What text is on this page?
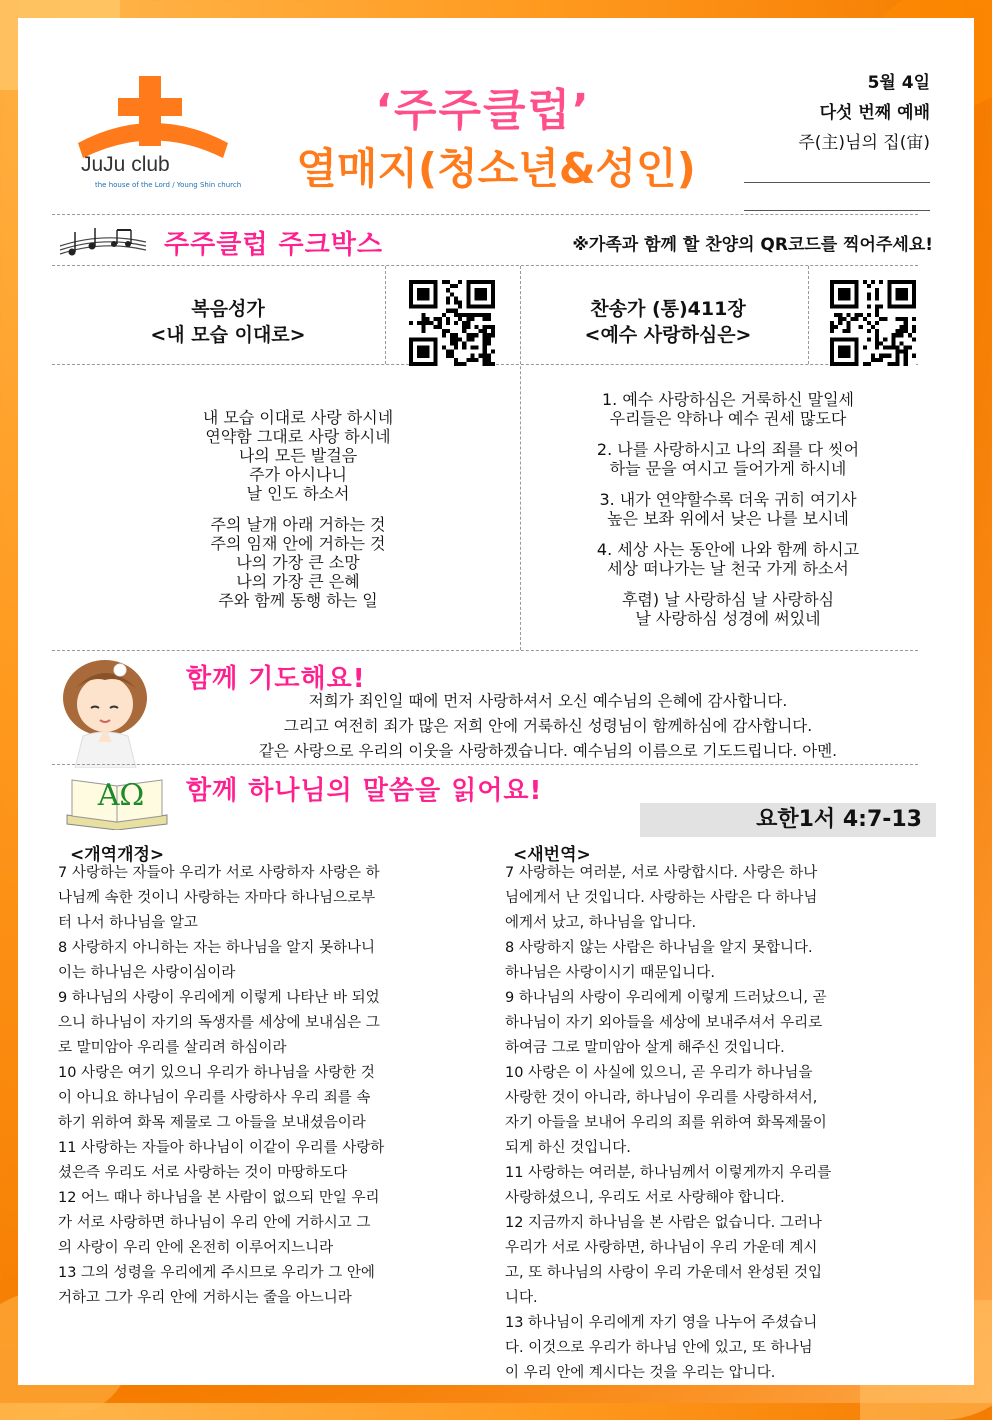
JuJu club
the house of the Lord / Young Shin church
‘주주클럽’
열매지(청소년&성인)
5월 4일
다섯 번째 예배
주(主)님의 집(宙)
주주클럽 주크박스	※가족과 함께 할 찬양의 QR코드를 찍어주세요!
복음성가
<내 모습 이대로>
찬송가 (통)411장
<예수 사랑하심은>
내 모습 이대로 사랑 하시네
연약함 그대로 사랑 하시네
나의 모든 발걸음
주가 아시나니
날 인도 하소서

주의 날개 아래 거하는 것
주의 임재 안에 거하는 것
나의 가장 큰 소망
나의 가장 큰 은혜
주와 함께 동행 하는 일
1. 예수 사랑하심은 거룩하신 말일세
우리들은 약하나 예수 권세 많도다

2. 나를 사랑하시고 나의 죄를 다 씻어
하늘 문을 여시고 들어가게 하시네

3. 내가 연약할수록 더욱 귀히 여기사
높은 보좌 위에서 낮은 나를 보시네

4. 세상 사는 동안에 나와 함께 하시고
세상 떠나가는 날 천국 가게 하소서

후렴) 날 사랑하심 날 사랑하심
날 사랑하심 성경에 써있네
함께 기도해요!
저희가 죄인일 때에 먼저 사랑하셔서 오신 예수님의 은혜에 감사합니다.
그리고 여전히 죄가 많은 저희 안에 거룩하신 성령님이 함께하심에 감사합니다.
같은 사랑으로 우리의 이웃을 사랑하겠습니다. 예수님의 이름으로 기도드립니다. 아멘.
AΩ	함께 하나님의 말씀을 읽어요!
요한1서 4:7-13
<개역개정>	<새번역>
7 사랑하는 자들아 우리가 서로 사랑하자 사랑은 하
나님께 속한 것이니 사랑하는 자마다 하나님으로부
터 나서 하나님을 알고
8 사랑하지 아니하는 자는 하나님을 알지 못하나니
이는 하나님은 사랑이심이라
9 하나님의 사랑이 우리에게 이렇게 나타난 바 되었
으니 하나님이 자기의 독생자를 세상에 보내심은 그
로 말미암아 우리를 살리려 하심이라
10 사랑은 여기 있으니 우리가 하나님을 사랑한 것
이 아니요 하나님이 우리를 사랑하사 우리 죄를 속
하기 위하여 화목 제물로 그 아들을 보내셨음이라
11 사랑하는 자들아 하나님이 이같이 우리를 사랑하
셨은즉 우리도 서로 사랑하는 것이 마땅하도다
12 어느 때나 하나님을 본 사람이 없으되 만일 우리
가 서로 사랑하면 하나님이 우리 안에 거하시고 그
의 사랑이 우리 안에 온전히 이루어지느니라
13 그의 성령을 우리에게 주시므로 우리가 그 안에
거하고 그가 우리 안에 거하시는 줄을 아느니라
7 사랑하는 여러분, 서로 사랑합시다. 사랑은 하나
님에게서 난 것입니다. 사랑하는 사람은 다 하나님
에게서 났고, 하나님을 압니다.
8 사랑하지 않는 사람은 하나님을 알지 못합니다.
하나님은 사랑이시기 때문입니다.
9 하나님의 사랑이 우리에게 이렇게 드러났으니, 곧
하나님이 자기 외아들을 세상에 보내주셔서 우리로
하여금 그로 말미암아 살게 해주신 것입니다.
10 사랑은 이 사실에 있으니, 곧 우리가 하나님을
사랑한 것이 아니라, 하나님이 우리를 사랑하셔서,
자기 아들을 보내어 우리의 죄를 위하여 화목제물이
되게 하신 것입니다.
11 사랑하는 여러분, 하나님께서 이렇게까지 우리를
사랑하셨으니, 우리도 서로 사랑해야 합니다.
12 지금까지 하나님을 본 사람은 없습니다. 그러나
우리가 서로 사랑하면, 하나님이 우리 가운데 계시
고, 또 하나님의 사랑이 우리 가운데서 완성된 것입
니다.
13 하나님이 우리에게 자기 영을 나누어 주셨습니
다. 이것으로 우리가 하나님 안에 있고, 또 하나님
이 우리 안에 계시다는 것을 우리는 압니다.
